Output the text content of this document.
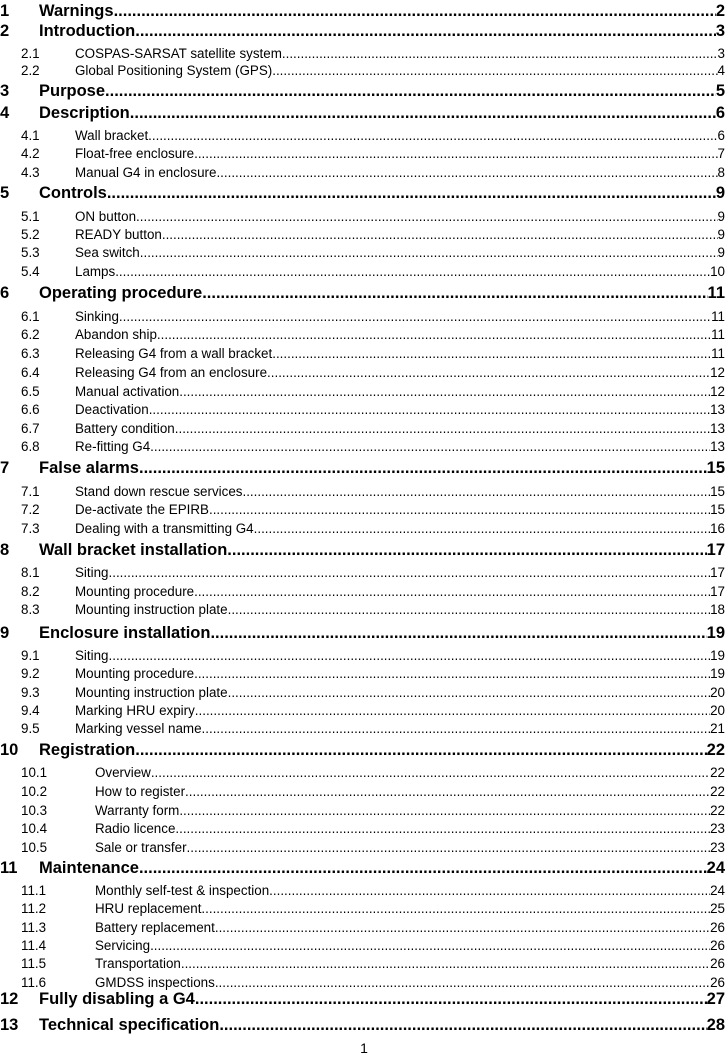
1	Warnings .....	2
2	Introduction .....	3
2.1	COSPAS-SARSAT satellite system .....	3
2.2	Global Positioning System (GPS) .....	4
3	Purpose .....	5
4	Description .....	6
4.1	Wall bracket .....	6
4.2	Float-free enclosure .....	7
4.3	Manual G4 in enclosure .....	8
5	Controls .....	9
5.1	ON button .....	9
5.2	READY button .....	9
5.3	Sea switch .....	9
5.4	Lamps .....	10
6	Operating procedure .....	11
6.1	Sinking .....	11
6.2	Abandon ship .....	11
6.3	Releasing G4 from a wall bracket .....	11
6.4	Releasing G4 from an enclosure .....	12
6.5	Manual activation .....	12
6.6	Deactivation .....	13
6.7	Battery condition .....	13
6.8	Re-fitting G4 .....	13
7	False alarms .....	15
7.1	Stand down rescue services .....	15
7.2	De-activate the EPIRB .....	15
7.3	Dealing with a transmitting G4 .....	16
8	Wall bracket installation .....	17
8.1	Siting .....	17
8.2	Mounting procedure .....	17
8.3	Mounting instruction plate .....	18
9	Enclosure installation .....	19
9.1	Siting .....	19
9.2	Mounting procedure .....	19
9.3	Mounting instruction plate .....	20
9.4	Marking HRU expiry .....	20
9.5	Marking vessel name .....	21
10	Registration .....	22
10.1	Overview .....	22
10.2	How to register .....	22
10.3	Warranty form .....	22
10.4	Radio licence .....	23
10.5	Sale or transfer .....	23
11	Maintenance .....	24
11.1	Monthly self-test & inspection .....	24
11.2	HRU replacement .....	25
11.3	Battery replacement .....	26
11.4	Servicing .....	26
11.5	Transportation .....	26
11.6	GMDSS inspections .....	26
12	Fully disabling a G4 .....	27
13	Technical specification .....	28
1
